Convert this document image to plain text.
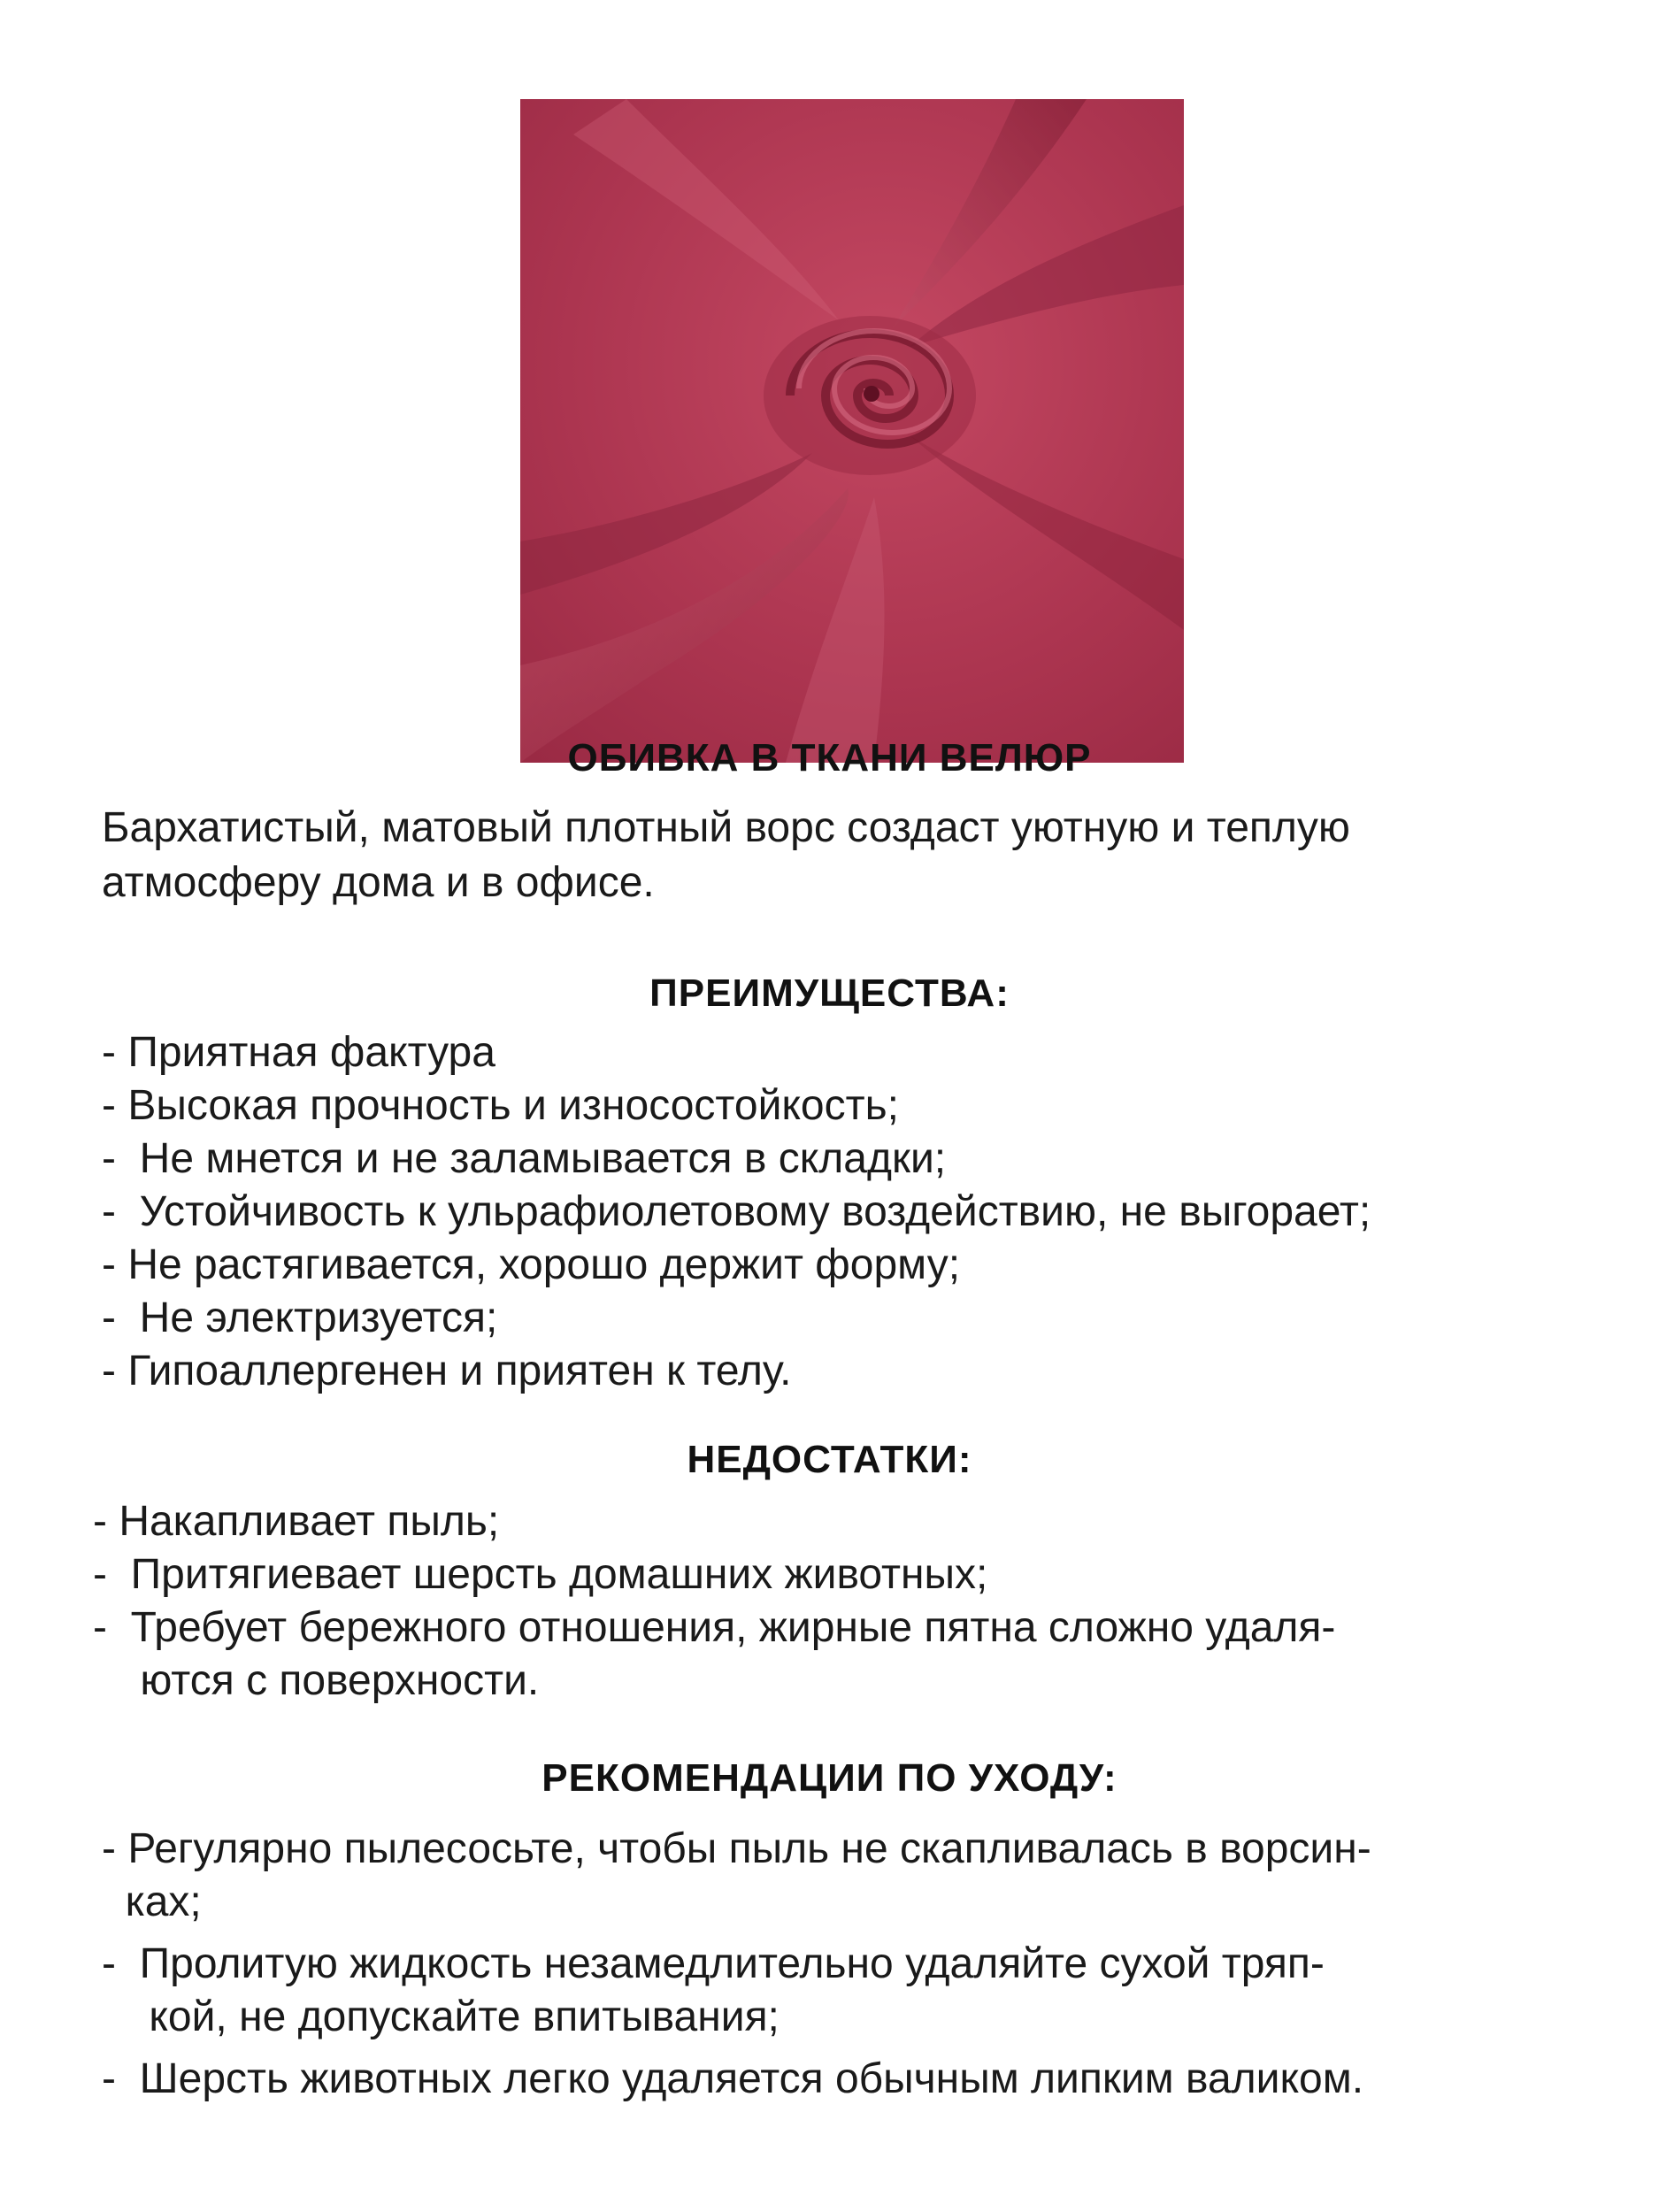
ОБИВКА В ТКАНИ ВЕЛЮР

Бархатистый, матовый плотный ворс создаст уютную и теплую
атмосферу дома и в офисе.

ПРЕИМУЩЕСТВА:
- Приятная фактура
- Высокая прочность и износостойкость;
-  Не мнется и не заламывается в складки;
-  Устойчивость к ульрафиолетовому воздействию, не выгорает;
- Не растягивается, хорошо держит форму;
-  Не электризуется;
- Гипоаллергенен и приятен к телу.
НЕДОСТАТКИ:
- Накапливает пыль;
-  Притягиевает шерсть домашних животных;
-  Требует бережного отношения, жирные пятна сложно удаля-
ются с поверхности.
РЕКОМЕНДАЦИИ ПО УХОДУ:
- Регулярно пылесосьте, чтобы пыль не скапливалась в ворсин-
ках;
-  Пролитую жидкость незамедлительно удаляйте сухой тряп-
кой, не допускайте впитывания;
-  Шерсть животных легко удаляется обычным липким валиком.
